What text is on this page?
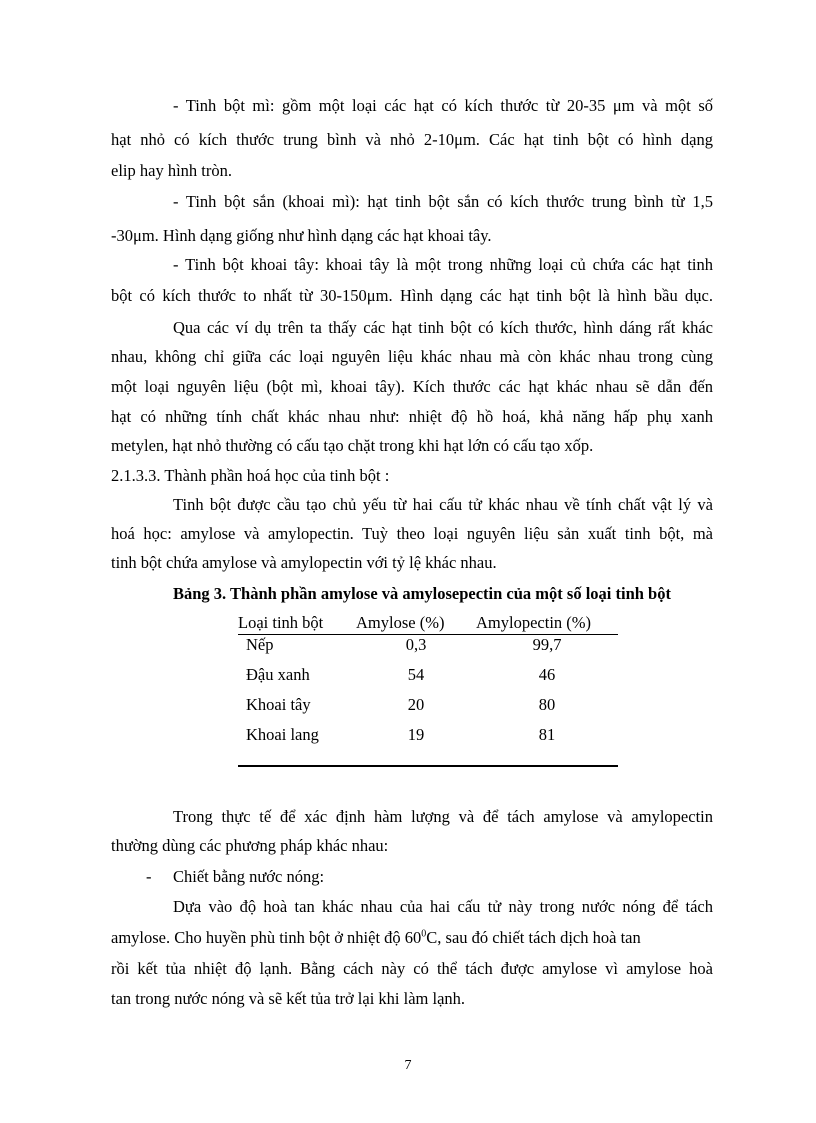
- Tinh bột mì: gồm một loại các hạt có kích thước từ 20-35 μm và một số
hạt nhỏ có kích thước trung bình và nhỏ 2-10μm. Các hạt tinh bột có hình dạng
elip hay hình tròn.
- Tinh bột sắn (khoai mì): hạt tinh bột sắn có kích thước trung bình từ 1,5
-30μm. Hình dạng giống như hình dạng các hạt khoai tây.
- Tinh bột khoai tây: khoai tây là một trong những loại củ chứa các hạt tinh
bột có kích thước to nhất từ 30-150μm. Hình dạng các hạt tinh bột là hình bầu dục.
Qua các ví dụ trên ta thấy các hạt tinh bột có kích thước, hình dáng rất khác
nhau, không chỉ giữa các loại nguyên liệu khác nhau mà còn khác nhau trong cùng
một loại nguyên liệu (bột mì, khoai tây). Kích thước các hạt khác nhau sẽ dẫn đến
hạt có những tính chất khác nhau như: nhiệt độ hồ hoá, khả năng hấp phụ xanh
metylen, hạt nhỏ thường có cấu tạo chặt trong khi hạt lớn có cấu tạo xốp.
2.1.3.3. Thành phần hoá học của tinh bột :
Tinh bột được cầu tạo chủ yếu từ hai cấu tử khác nhau về tính chất vật lý và
hoá học: amylose và amylopectin. Tuỳ theo loại nguyên liệu sản xuất tinh bột, mà
tinh bột chứa amylose và amylopectin với tỷ lệ khác nhau.
Bảng 3. Thành phần amylose và amylosepectin của một số loại tinh bột
Loại tinh bột	Amylose (%)	Amylopectin (%)
Nếp	0,3	99,7
Đậu xanh	54	46
Khoai tây	20	80
Khoai lang	19	81

Trong thực tế để xác định hàm lượng và để tách amylose và amylopectin
thường dùng các phương pháp khác nhau:
- Chiết bằng nước nóng:
Dựa vào độ hoà tan khác nhau của hai cấu tử này trong nước nóng để tách
amylose. Cho huyền phù tinh bột ở nhiệt độ $60^0C$, sau đó chiết tách dịch hoà tan
rồi kết tủa nhiệt độ lạnh. Bằng cách này có thể tách được amylose vì amylose hoà
tan trong nước nóng và sẽ kết tủa trở lại khi làm lạnh.
7
